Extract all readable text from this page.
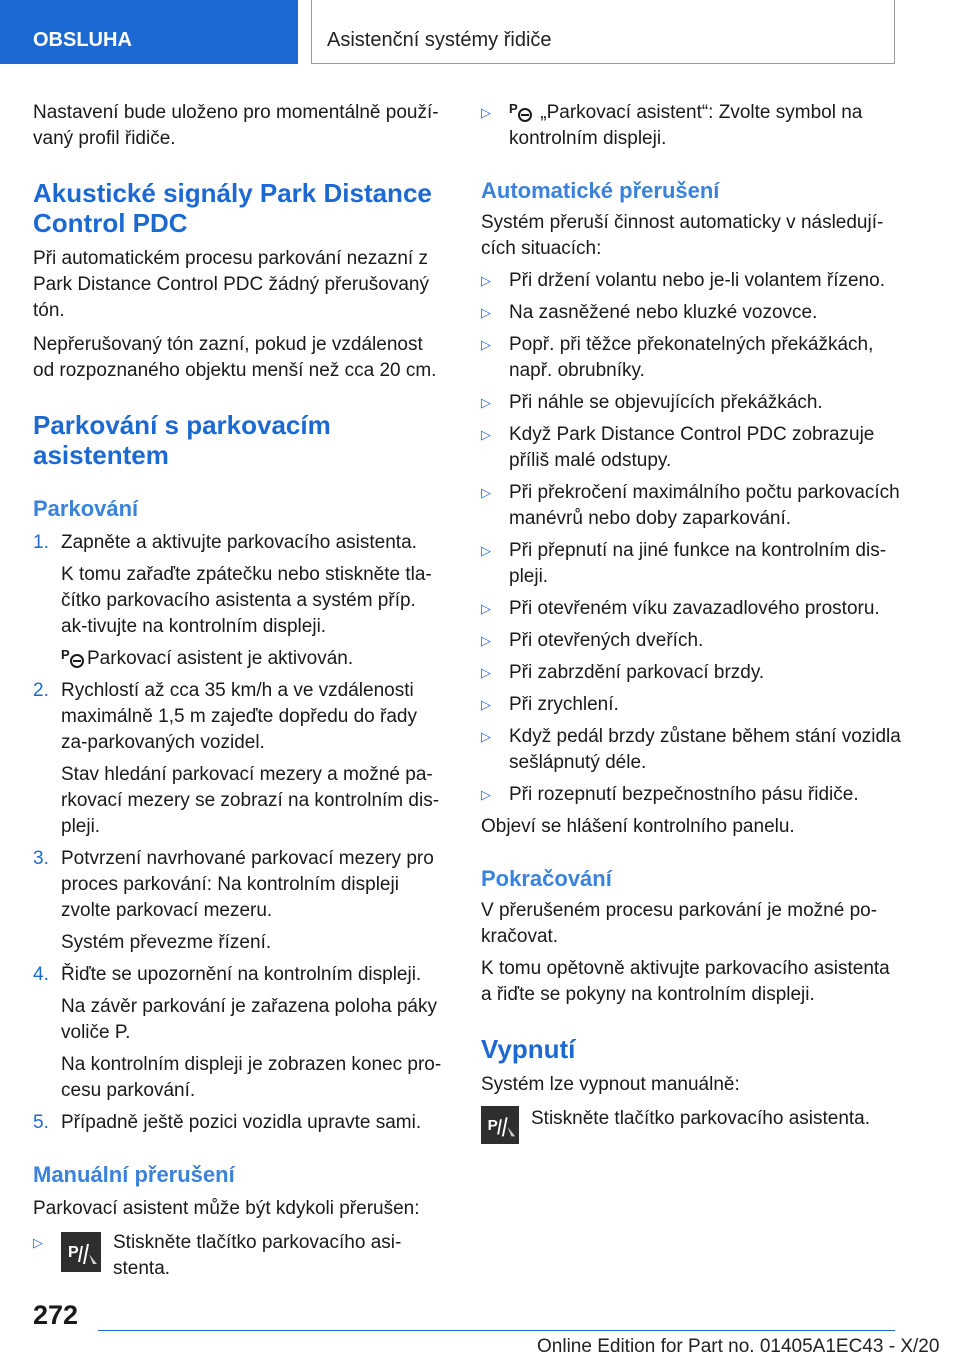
OBSLUHA	Asistenční systémy řidiče

Nastavení bude uloženo pro momentálně použí-vaný profil řidiče.

Akustické signály Park Distance Control PDC

Při automatickém procesu parkování nezazní z Park Distance Control PDC žádný přerušovaný tón.

Nepřerušovaný tón zazní, pokud je vzdálenost od rozpoznaného objektu menší než cca 20 cm.

Parkování s parkovacím asistentem
Parkování
1. Zapněte a aktivujte parkovacího asistenta.

K tomu zařaďte zpátečku nebo stiskněte tla-čítko parkovacího asistenta a systém příp. ak-tivujte na kontrolním displeji.

P Parkovací asistent je aktivován.

2. Rychlostí až cca 35 km/h a ve vzdálenosti maximálně 1,5 m zajeďte dopředu do řady za-parkovaných vozidel.

Stav hledání parkovací mezery a možné pa-rkovací mezery se zobrazí na kontrolním dis-pleji.

3. Potvrzení navrhované parkovací mezery pro proces parkování: Na kontrolním displeji zvolte parkovací mezeru.

Systém převezme řízení.

4. Řiďte se upozornění na kontrolním displeji.

Na závěr parkování je zařazena poloha páky voliče P.

Na kontrolním displeji je zobrazen konec pro-cesu parkování.

5. Případně ještě pozici vozidla upravte sami.

Manuální přerušení

Parkovací asistent může být kdykoli přerušen:

▷
P Stiskněte tlačítko parkovacího asi-stenta.

▷ P „Parkovací asistent“: Zvolte symbol na kontrolním displeji.

Automatické přerušení

Systém přeruší činnost automaticky v následují-cích situacích:

▷ Při držení volantu nebo je-li volantem řízeno.

▷ Na zasněžené nebo kluzké vozovce.

▷ Popř. při těžce překonatelných překážkách, např. obrubníky.

▷ Při náhle se objevujících překážkách.

▷ Když Park Distance Control PDC zobrazuje příliš malé odstupy.

▷ Při překročení maximálního počtu parkovacích manévrů nebo doby zaparkování.

▷ Při přepnutí na jiné funkce na kontrolním dis-pleji.

▷ Při otevřeném víku zavazadlového prostoru.

▷ Při otevřených dveřích.

▷ Při zabrzdění parkovací brzdy.

▷ Při zrychlení.

▷ Když pedál brzdy zůstane během stání vozidla sešlápnutý déle.

▷ Při rozepnutí bezpečnostního pásu řidiče.

Objeví se hlášení kontrolního panelu.

Pokračování

V přerušeném procesu parkování je možné po-kračovat.

K tomu opětovně aktivujte parkovacího asistenta a řiďte se pokyny na kontrolním displeji.

Vypnutí

Systém lze vypnout manuálně:

P Stiskněte tlačítko parkovacího asistenta.

272
Online Edition for Part no. 01405A1EC43 - X/20
